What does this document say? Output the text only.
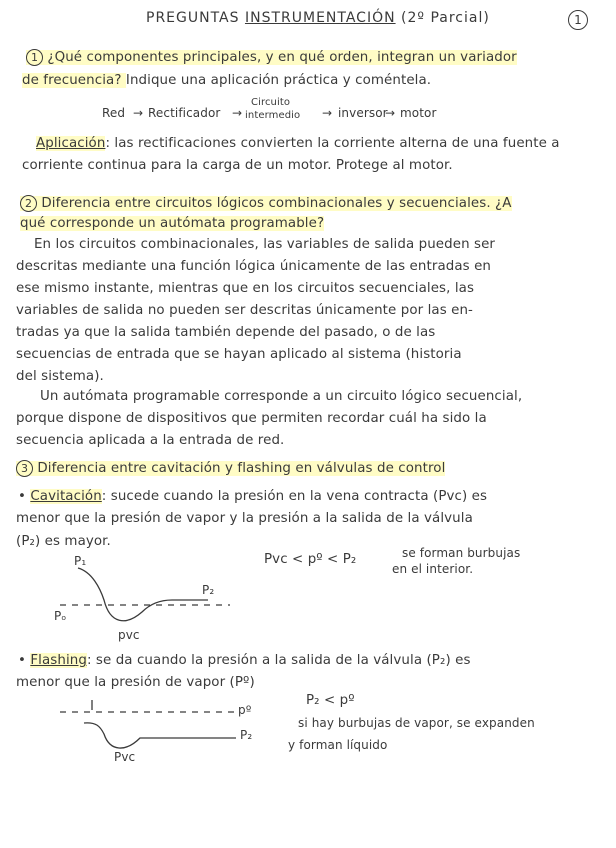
PREGUNTAS INSTRUMENTACIÓN (2º Parcial)	1
1 ¿Qué componentes principales, y en qué orden, integran un variador
de frecuencia? Indique una aplicación práctica y coméntela.
Red → Rectificador →
Circuito
intermedio → inversor
→ motor
Aplicación: las rectificaciones convierten la corriente alterna de una fuente a
corriente continua para la carga de un motor. Protege al motor.
2 Diferencia entre circuitos lógicos combinacionales y secuenciales. ¿A
qué corresponde un autómata programable?
En los circuitos combinacionales, las variables de salida pueden ser
descritas mediante una función lógica únicamente de las entradas en
ese mismo instante, mientras que en los circuitos secuenciales, las
variables de salida no pueden ser descritas únicamente por las en-
tradas ya que la salida también depende del pasado, o de las
secuencias de entrada que se hayan aplicado al sistema (historia
del sistema).
Un autómata programable corresponde a un circuito lógico secuencial,
porque dispone de dispositivos que permiten recordar cuál ha sido la
secuencia aplicada a la entrada de red.
3 Diferencia entre cavitación y flashing en válvulas de control
• Cavitación: sucede cuando la presión en la vena contracta (Pvc) es
menor que la presión de vapor y la presión a la salida de la válvula
(P₂) es mayor.
Pvc < pº < P₂	se forman burbujas
en el interior.
P₁
Pₒ
P₂
pvc
• Flashing: se da cuando la presión a la salida de la válvula (P₂) es
menor que la presión de vapor (Pº)
P₂ < pº
si hay burbujas de vapor, se expanden
y forman líquido
pº
P₂
Pvc
